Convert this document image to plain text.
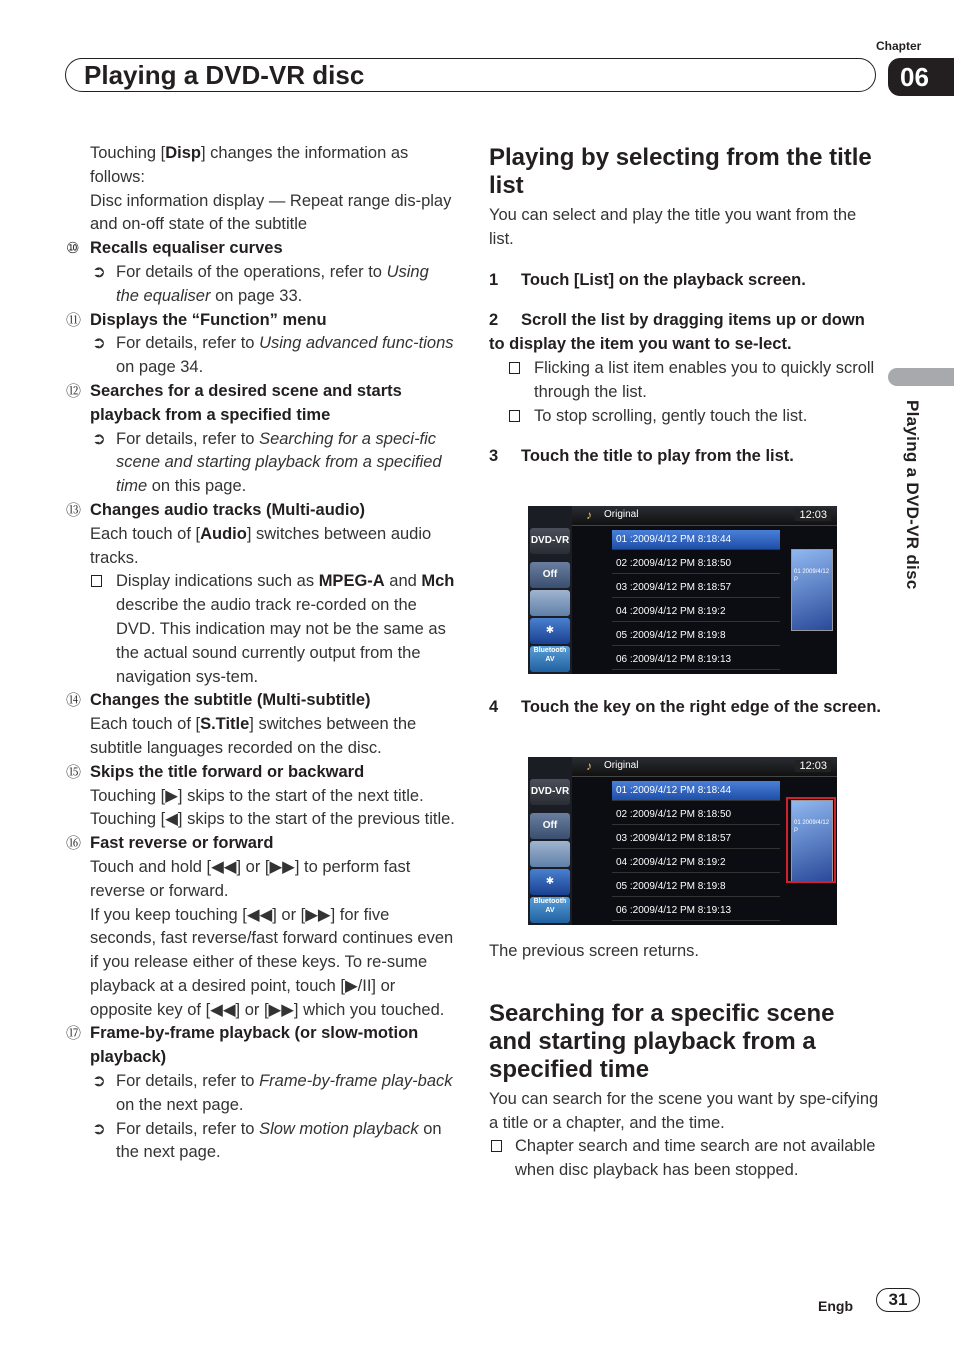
Chapter
06
Playing a DVD-VR disc
Playing a DVD-VR disc
Touching [Disp] changes the information as follows:
Disc information display — Repeat range dis-play and on-off state of the subtitle
⑩ Recalls equaliser curves
➲ For details of the operations, refer to Using the equaliser on page 33.
⑪ Displays the “Function” menu
➲ For details, refer to Using advanced func-tions on page 34.
⑫ Searches for a desired scene and starts playback from a specified time
➲ For details, refer to Searching for a speci-fic scene and starting playback from a specified time on this page.
⑬ Changes audio tracks (Multi-audio)
Each touch of [Audio] switches between audio tracks.
Display indications such as MPEG-A and Mch describe the audio track re-corded on the DVD. This indication may not be the same as the actual sound currently output from the navigation sys-tem.
⑭ Changes the subtitle (Multi-subtitle)
Each touch of [S.Title] switches between the subtitle languages recorded on the disc.
⑮ Skips the title forward or backward
Touching [▶] skips to the start of the next title.
Touching [◀] skips to the start of the previous title.
⑯ Fast reverse or forward
Touch and hold [◀◀] or [▶▶] to perform fast reverse or forward.
If you keep touching [◀◀] or [▶▶] for five seconds, fast reverse/fast forward continues even if you release either of these keys. To re-sume playback at a desired point, touch [▶/II] or opposite key of [◀◀] or [▶▶] which you touched.
⑰ Frame-by-frame playback (or slow-motion playback)
➲ For details, refer to Frame-by-frame play-back on the next page.
➲ For details, refer to Slow motion playback on the next page.
Playing by selecting from the title list
You can select and play the title you want from the list.
1 Touch [List] on the playback screen.
2 Scroll the list by dragging items up or down to display the item you want to se-lect.
Flicking a list item enables you to quickly scroll through the list.
To stop scrolling, gently touch the list.
3 Touch the title to play from the list.
DVD-VR
Off
✱
Bluetooth AV
♪ Original	12:03
01 :2009/4/12 PM 8:18:44
02 :2009/4/12 PM 8:18:50
03 :2009/4/12 PM 8:18:57
04 :2009/4/12 PM 8:19:2
05 :2009/4/12 PM 8:19:8
06 :2009/4/12 PM 8:19:13
01 2009/4/12 P
4 Touch the key on the right edge of the screen.
DVD-VR
Off
✱
Bluetooth AV
♪ Original	12:03
01 :2009/4/12 PM 8:18:44
02 :2009/4/12 PM 8:18:50
03 :2009/4/12 PM 8:18:57
04 :2009/4/12 PM 8:19:2
05 :2009/4/12 PM 8:19:8
06 :2009/4/12 PM 8:19:13
01 2009/4/12 P
The previous screen returns.
Searching for a specific scene and starting playback from a specified time
You can search for the scene you want by spe-cifying a title or a chapter, and the time.
Chapter search and time search are not available when disc playback has been stopped.
Engb	31
